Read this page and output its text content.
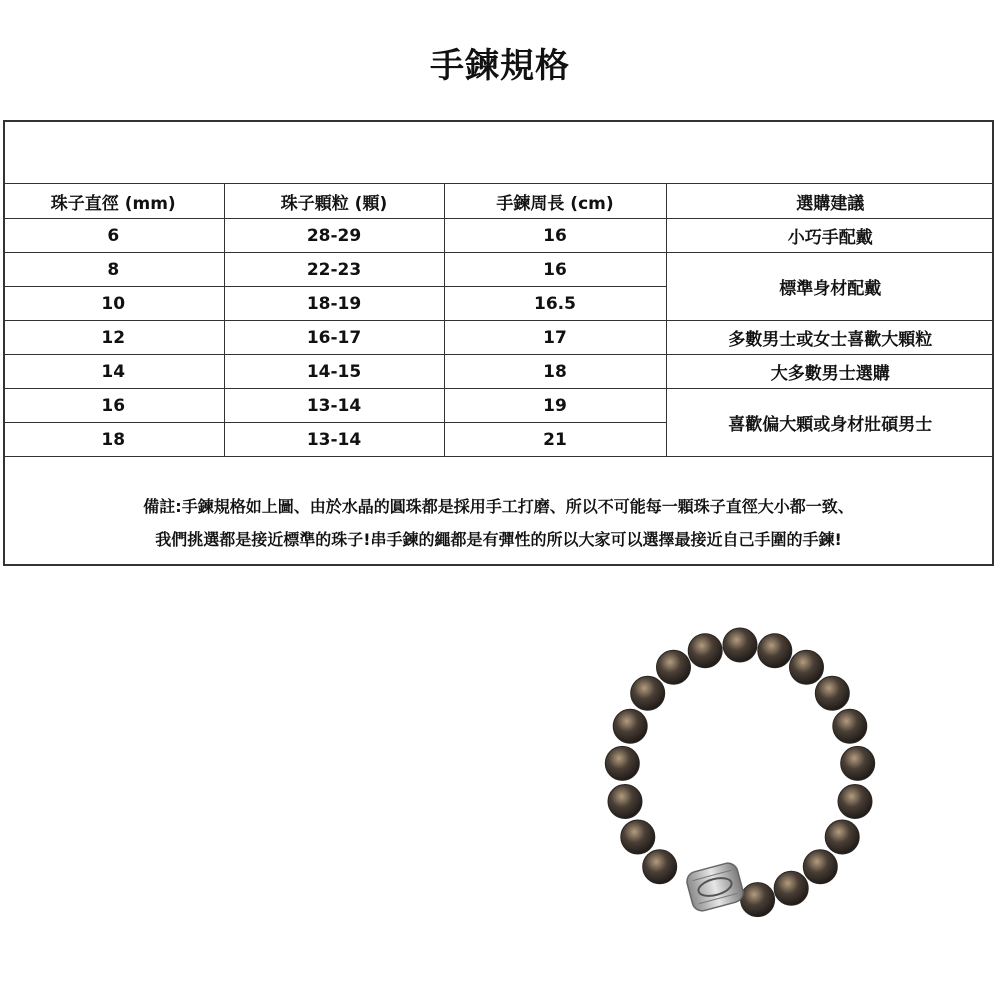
手鍊規格
珠子直徑 (mm)	珠子顆粒 (顆)	手鍊周長 (cm)	選購建議
6	28-29	16	小巧手配戴
8	22-23	16	標準身材配戴
10	18-19	16.5	
12	16-17	17	多數男士或女士喜歡大顆粒
14	14-15	18	大多數男士選購
16	13-14	19	喜歡偏大顆或身材壯碩男士
18	13-14	21	
備註:手鍊規格如上圖、由於水晶的圓珠都是採用手工打磨、所以不可能每一顆珠子直徑大小都一致、
我們挑選都是接近標準的珠子!串手鍊的繩都是有彈性的所以大家可以選擇最接近自己手圍的手鍊!
